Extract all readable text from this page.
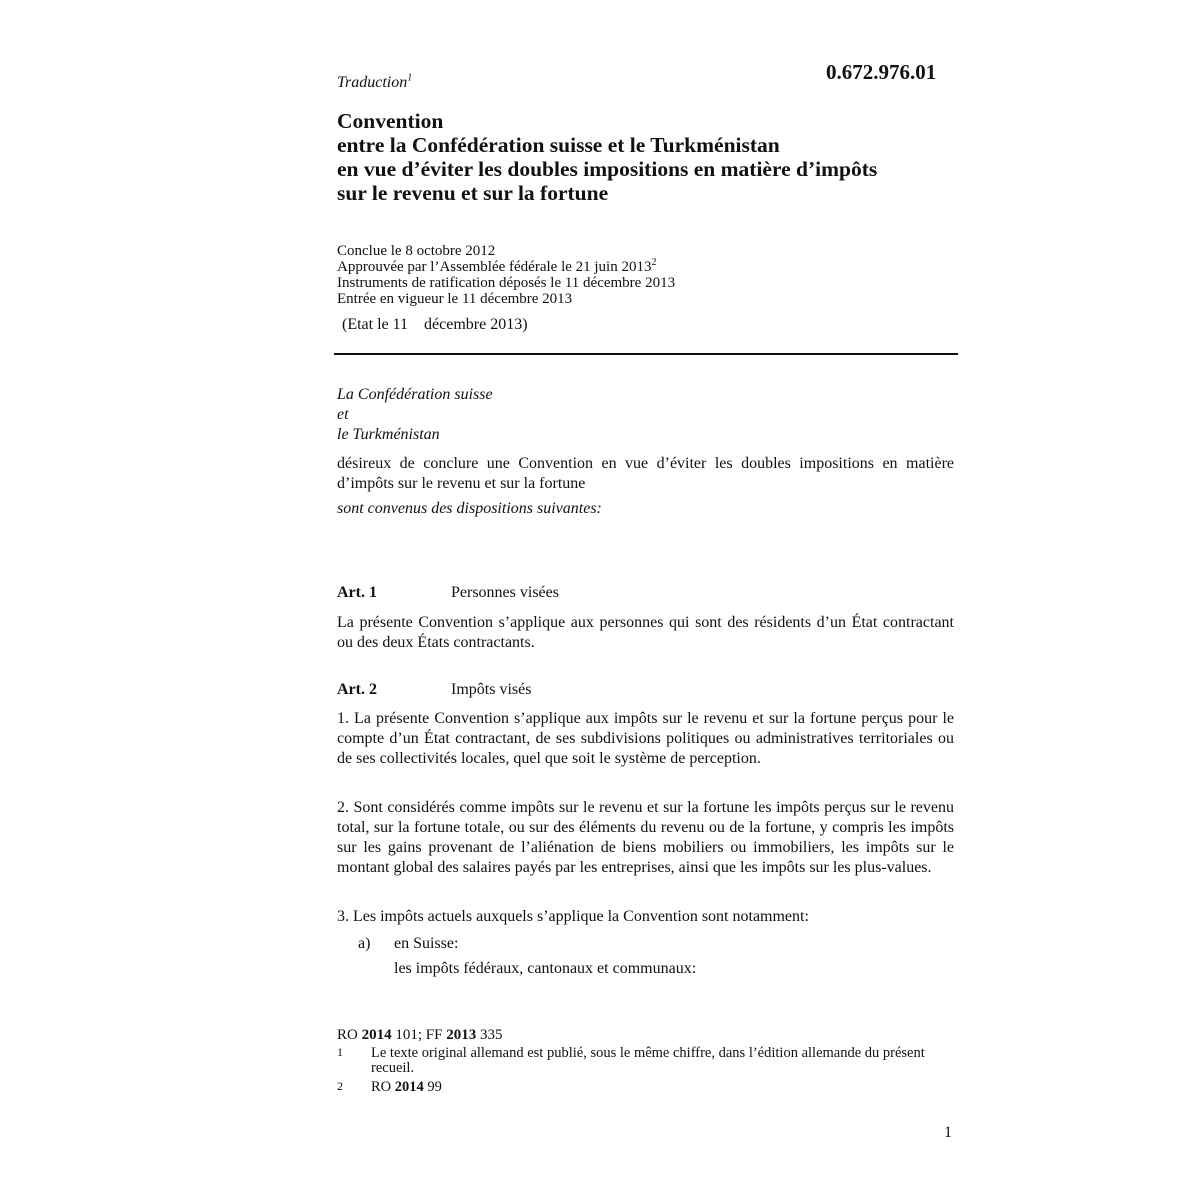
0.672.976.01
Traduction$^1$
Convention
entre la Confédération suisse et le Turkménistan
en vue d’éviter les doubles impositions en matière d’impôts
sur le revenu et sur la fortune
Conclue le 8 octobre 2012
Approuvée par l’Assemblée fédérale le 21 juin 2013$^2$
Instruments de ratification déposés le 11 décembre 2013
Entrée en vigueur le 11 décembre 2013
(Etat le 11 décembre 2013)
La Confédération suisse
et
le Turkménistan
désireux de conclure une Convention en vue d’éviter les doubles impositions en matière d’impôts sur le revenu et sur la fortune
sont convenus des dispositions suivantes:
Art. 1	Personnes visées
La présente Convention s’applique aux personnes qui sont des résidents d’un État contractant ou des deux États contractants.
Art. 2	Impôts visés
1. La présente Convention s’applique aux impôts sur le revenu et sur la fortune perçus pour le compte d’un État contractant, de ses subdivisions politiques ou administratives territoriales ou de ses collectivités locales, quel que soit le système de perception.
2. Sont considérés comme impôts sur le revenu et sur la fortune les impôts perçus sur le revenu total, sur la fortune totale, ou sur des éléments du revenu ou de la fortune, y compris les impôts sur les gains provenant de l’aliénation de biens mobiliers ou immobiliers, les impôts sur le montant global des salaires payés par les entreprises, ainsi que les impôts sur les plus-values.
3. Les impôts actuels auxquels s’applique la Convention sont notamment:
a) en Suisse:
les impôts fédéraux, cantonaux et communaux:
RO 2014 101; FF 2013 335
1 Le texte original allemand est publié, sous le même chiffre, dans l’édition allemande du présent recueil.
2 RO 2014 99
1
